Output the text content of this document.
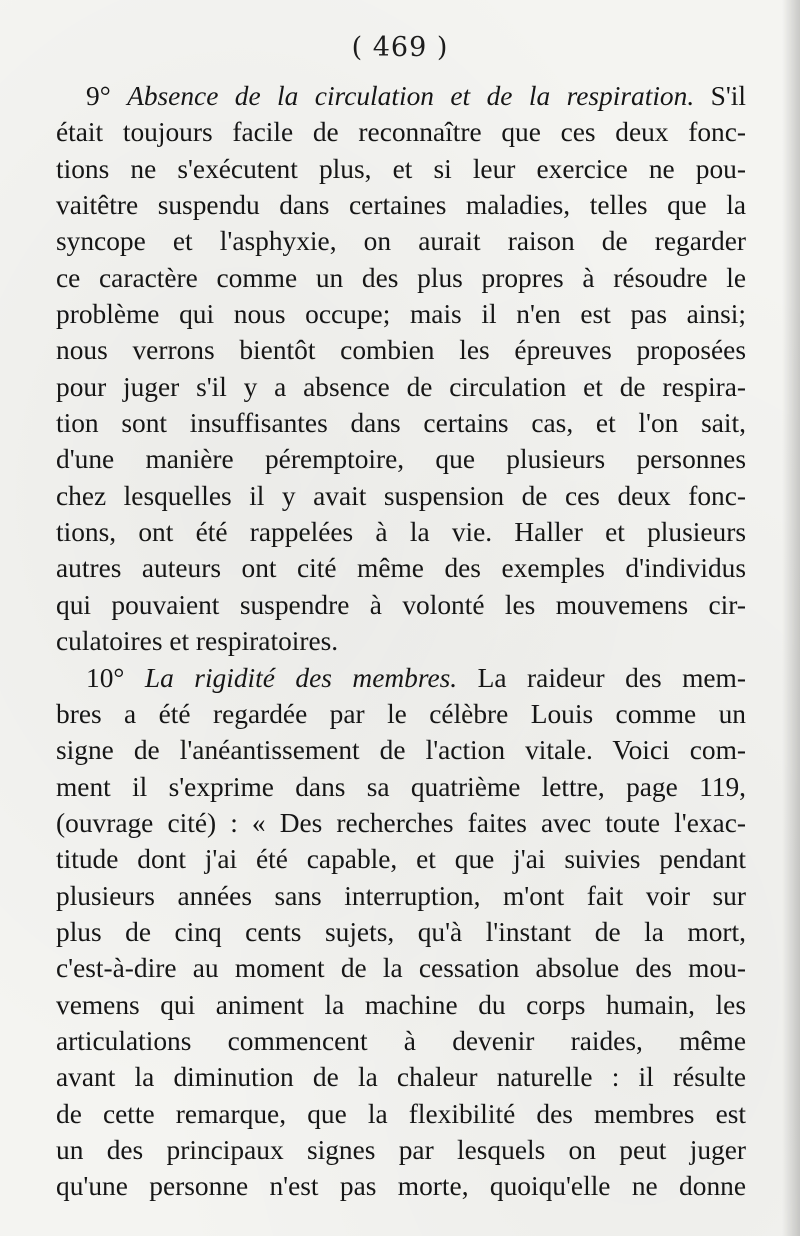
( 469 )
9° Absence de la circulation et de la respiration. S'il
était toujours facile de reconnaître que ces deux fonc-
tions ne s'exécutent plus, et si leur exercice ne pou-
vaitêtre suspendu dans certaines maladies, telles que la
syncope et l'asphyxie, on aurait raison de regarder
ce caractère comme un des plus propres à résoudre le
problème qui nous occupe; mais il n'en est pas ainsi;
nous verrons bientôt combien les épreuves proposées
pour juger s'il y a absence de circulation et de respira-
tion sont insuffisantes dans certains cas, et l'on sait,
d'une manière péremptoire, que plusieurs personnes
chez lesquelles il y avait suspension de ces deux fonc-
tions, ont été rappelées à la vie. Haller et plusieurs
autres auteurs ont cité même des exemples d'individus
qui pouvaient suspendre à volonté les mouvemens cir-
culatoires et respiratoires.
10° La rigidité des membres. La raideur des mem-
bres a été regardée par le célèbre Louis comme un
signe de l'anéantissement de l'action vitale. Voici com-
ment il s'exprime dans sa quatrième lettre, page 119,
(ouvrage cité) : « Des recherches faites avec toute l'exac-
titude dont j'ai été capable, et que j'ai suivies pendant
plusieurs années sans interruption, m'ont fait voir sur
plus de cinq cents sujets, qu'à l'instant de la mort,
c'est-à-dire au moment de la cessation absolue des mou-
vemens qui animent la machine du corps humain, les
articulations commencent à devenir raides, même
avant la diminution de la chaleur naturelle : il résulte
de cette remarque, que la flexibilité des membres est
un des principaux signes par lesquels on peut juger
qu'une personne n'est pas morte, quoiqu'elle ne donne
